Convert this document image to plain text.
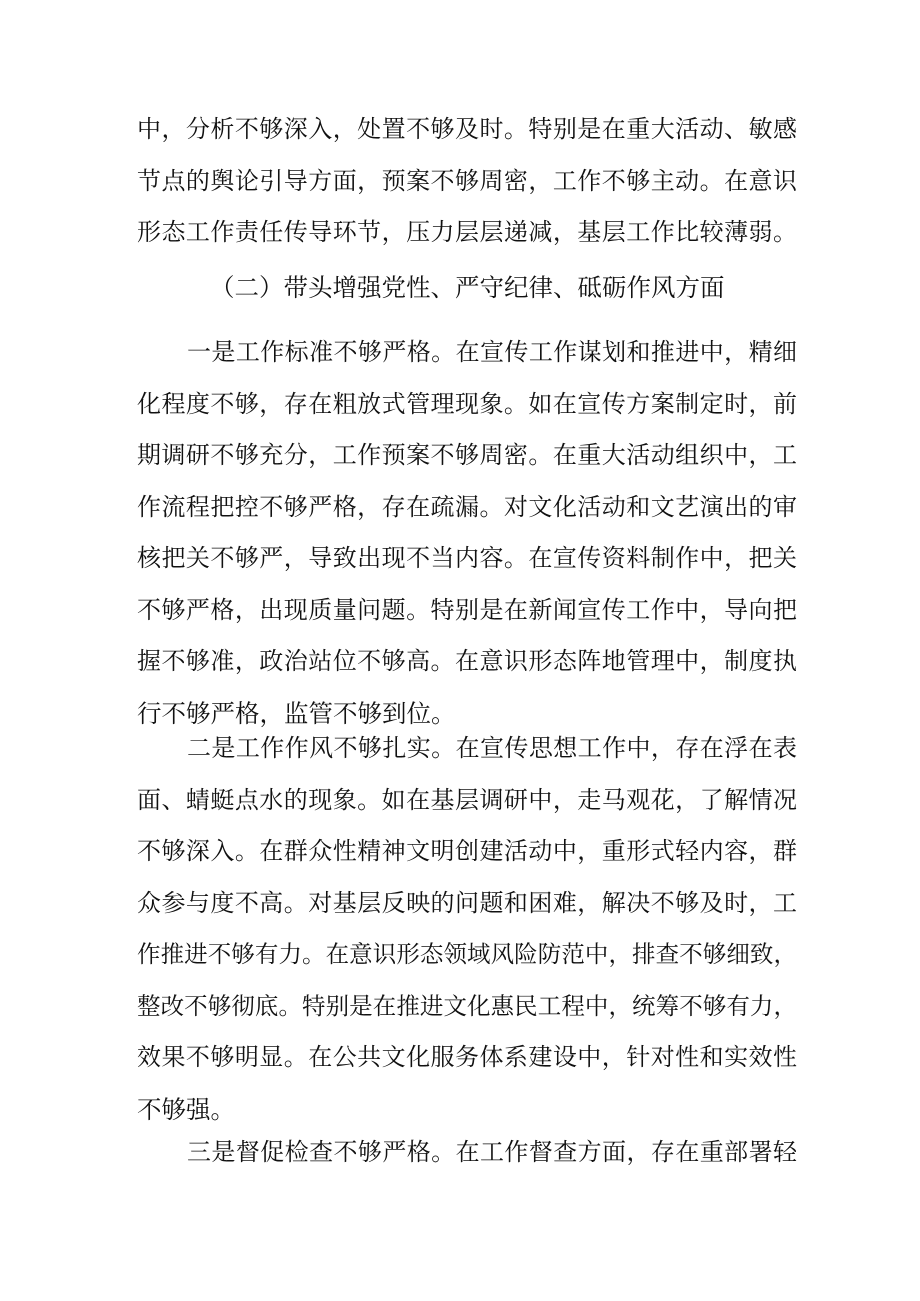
中，分析不够深入，处置不够及时。特别是在重大活动、敏感
节点的舆论引导方面，预案不够周密，工作不够主动。在意识
形态工作责任传导环节，压力层层递减，基层工作比较薄弱。
（二）带头增强党性、严守纪律、砥砺作风方面
一是工作标准不够严格。在宣传工作谋划和推进中，精细
化程度不够，存在粗放式管理现象。如在宣传方案制定时，前
期调研不够充分，工作预案不够周密。在重大活动组织中，工
作流程把控不够严格，存在疏漏。对文化活动和文艺演出的审
核把关不够严，导致出现不当内容。在宣传资料制作中，把关
不够严格，出现质量问题。特别是在新闻宣传工作中，导向把
握不够准，政治站位不够高。在意识形态阵地管理中，制度执
行不够严格，监管不够到位。
二是工作作风不够扎实。在宣传思想工作中，存在浮在表
面、蜻蜓点水的现象。如在基层调研中，走马观花，了解情况
不够深入。在群众性精神文明创建活动中，重形式轻内容，群
众参与度不高。对基层反映的问题和困难，解决不够及时，工
作推进不够有力。在意识形态领域风险防范中，排查不够细致，
整改不够彻底。特别是在推进文化惠民工程中，统筹不够有力，
效果不够明显。在公共文化服务体系建设中，针对性和实效性
不够强。
三是督促检查不够严格。在工作督查方面，存在重部署轻
